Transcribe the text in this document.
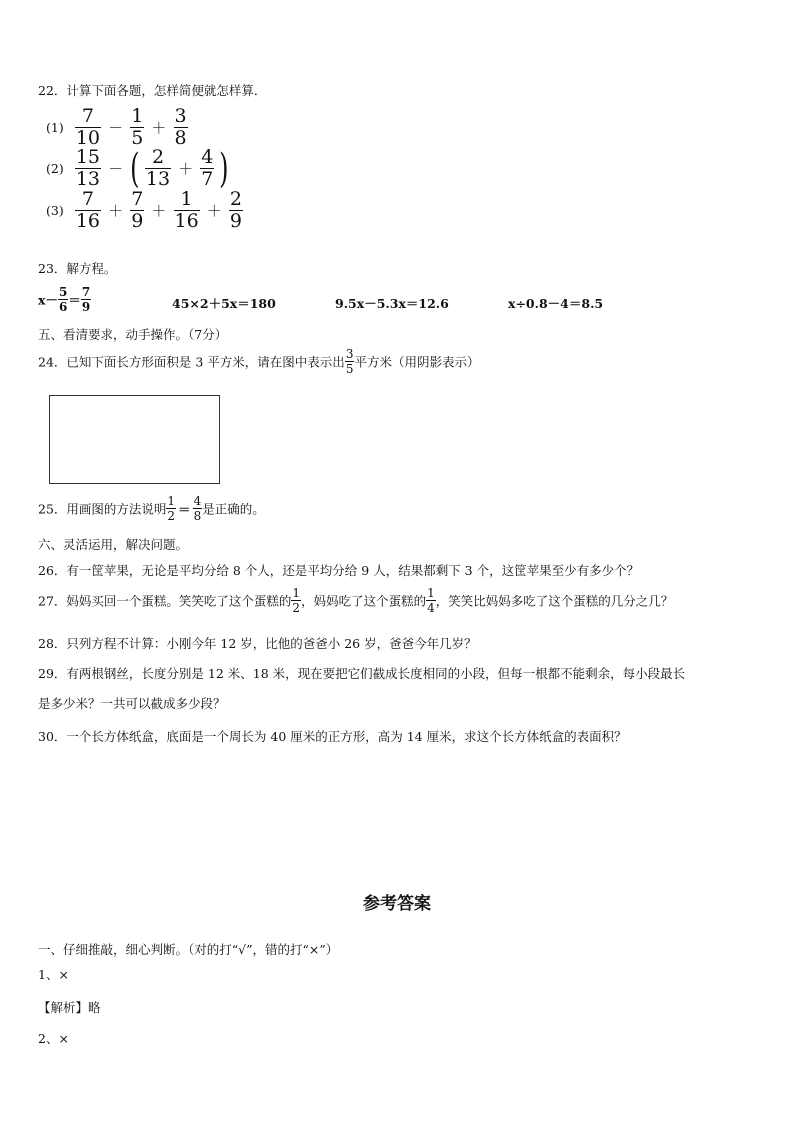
22．计算下面各题，怎样简便就怎样算．
$(1) \frac{7}{10} - \frac{1}{5} + \frac{3}{8}$
$(2) \frac{15}{13}$ － ( $\frac{2}{13} + \frac{4}{7}$ )
$(3) \frac{7}{16} + \frac{7}{9} + \frac{1}{16} + \frac{2}{9}$
23．解方程。
$x- \frac{5}{6} = \frac{7}{9}$	45×2＋5x＝180	9.5x－5.3x＝12.6	x÷0.8－4＝8.5
五、看清要求，动手操作。（7分）
24．已知下面长方形面积是 3 平方米，请在图中表示出 $\frac{3}{5}$ 平方米（用阴影表示）
25．用画图的方法说明 $\frac{1}{2} = \frac{4}{8}$ 是正确的。
六、灵活运用，解决问题。
26．有一筐苹果，无论是平均分给 8 个人，还是平均分给 9 人，结果都剩下 3 个，这筐苹果至少有多少个？
27．妈妈买回一个蛋糕。笑笑吃了这个蛋糕的 $\frac{1}{2}$ ，妈妈吃了这个蛋糕的 $\frac{1}{4}$ ，笑笑比妈妈多吃了这个蛋糕的几分之几？
28．只列方程不计算：小刚今年 12 岁，比他的爸爸小 26 岁，爸爸今年几岁？
29．有两根钢丝，长度分别是 12 米、18 米，现在要把它们截成长度相同的小段，但每一根都不能剩余，每小段最长
是多少米？一共可以截成多少段？
30．一个长方体纸盒，底面是一个周长为 40 厘米的正方形，高为 14 厘米，求这个长方体纸盒的表面积？
参考答案
一、仔细推敲，细心判断。（对的打“√”，错的打“×”）
1、×
【解析】略
2、×
